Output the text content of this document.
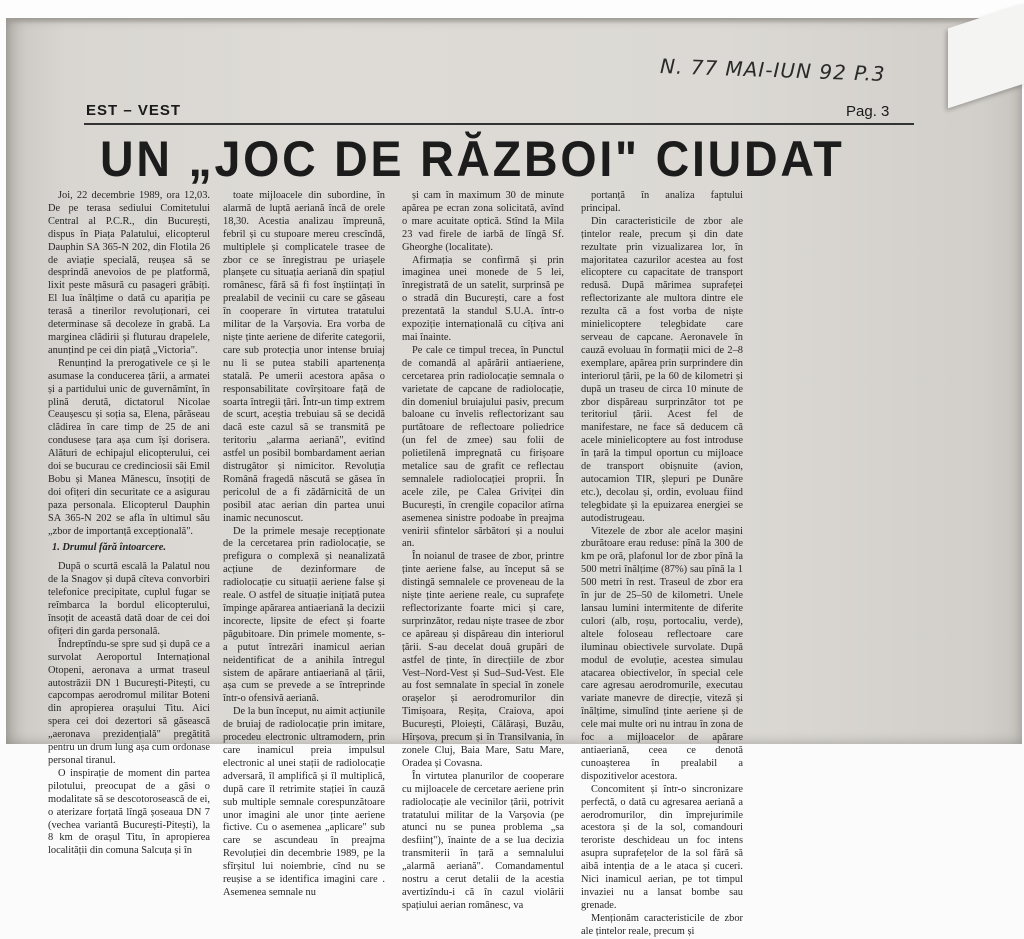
N. 77 MAI-IUN 92 P.3
EST – VEST	Pag. 3
UN „JOC DE RĂZBOI" CIUDAT

Joi, 22 decembrie 1989, ora 12,03. De pe terasa sediului Comitetului Central al P.C.R., din București, dispus în Piața Palatului, elicopterul Dauphin SA 365-N 202, din Flotila 26 de aviație specială, reușea să se desprindă anevoios de pe platformă, lixit peste măsură cu pasageri grăbiți. El lua înălțime o dată cu apariția pe terasă a tinerilor revoluționari, cei determinase să decoleze în grabă. La marginea clădirii și fluturau drapelele, anunțind pe cei din piață „Victoria".

Renunțind la prerogativele ce și le asumase la conducerea țării, a armatei și a partidului unic de guvernămînt, în plină derută, dictatorul Nicolae Ceaușescu și soția sa, Elena, părăseau clădirea în care timp de 25 de ani condusese țara așa cum își dorisera. Alături de echipajul elicopterului, cei doi se bucurau ce credinciosii săi Emil Bobu și Manea Mănescu, însoțiți de doi ofițeri din securitate ce a asigurau paza personala. Elicopterul Dauphin SA 365-N 202 se afla în ultimul său „zbor de importanță excepțională".

1. Drumul fără întoarcere.

După o scurtă escală la Palatul nou de la Snagov și după cîteva convorbiri telefonice precipitate, cuplul fugar se reîmbarca la bordul elicopterului, însoțit de această dată doar de cei doi ofițeri din garda personală.

Îndreptîndu-se spre sud și după ce a survolat Aeroportul Internațional Otopeni, aeronava a urmat traseul autostrăzii DN 1 București-Pitești, cu capcompas aerodromul militar Boteni din apropierea orașului Titu. Aici spera cei doi dezertori să găsească „aeronava prezidențială" pregătită pentru un drum lung așa cum ordonase personal tiranul.

O inspirație de moment din partea pilotului, preocupat de a găsi o modalitate să se descotorosească de ei, o aterizare forțată lîngă șoseaua DN 7 (vechea variantă București-Pitești), la 8 km de orașul Titu, în apropierea localității din comuna Salcuța și în

toate mijloacele din subordine, în alarmă de luptă aeriană încă de orele 18,30. Acestia analizau împreună, febril și cu stupoare mereu crescîndă, multiplele și complicatele trasee de zbor ce se înregistrau pe uriașele planșete cu situația aeriană din spațiul românesc, fără să fi fost înștiințați în prealabil de vecinii cu care se găseau în cooperare în virtutea tratatului militar de la Varșovia. Era vorba de niște ținte aeriene de diferite categorii, care sub protecția unor intense bruiaj nu li se putea stabili apartenența statală. Pe umerii acestora apăsa o responsabilitate covîrșitoare față de soarta întregii țări. Într-un timp extrem de scurt, aceștia trebuiau să se decidă dacă este cazul să se transmită pe teritoriu „alarma aeriană", evitînd astfel un posibil bombardament aerian distrugător și nimicitor. Revoluția Română fragedă născută se găsea în pericolul de a fi zădărnicită de un posibil atac aerian din partea unui inamic necunoscut.

De la primele mesaje recepționate de la cercetarea prin radiolocație, se prefigura o complexă și neanalizată acțiune de dezinformare de radiolocație cu situații aeriene false și reale. O astfel de situație inițiată putea împinge apărarea antiaeriană la decizii incorecte, lipsite de efect și foarte păgubitoare. Din primele momente, s-a putut întrezări inamicul aerian neidentificat de a anihila întregul sistem de apărare antiaeriană al țării, așa cum se prevede a se întreprinde într-o ofensivă aeriană.

De la bun început, nu aimit acțiunile de bruiaj de radiolocație prin imitare, procedeu electronic ultramodern, prin care inamicul preia impulsul electronic al unei stații de radiolocație adversară, îl amplifică și îl multiplică, după care îl retrimite stației în cauză sub multiple semnale corespunzătoare unor imagini ale unor ținte aeriene fictive. Cu o asemenea „aplicare" sub care se ascundeau în preajma Revoluției din decembrie 1989, pe la sfîrșitul lui noiembrie, cînd nu se reușise a se identifica imagini care . Asemenea semnale nu

și cam în maximum 30 de minute apărea pe ecran zona solicitată, avînd o mare acuitate optică. Stînd la Mila 23 vad firele de iarbă de lîngă Sf. Gheorghe (localitate).

Afirmația se confirmă și prin imaginea unei monede de 5 lei, înregistrată de un satelit, surprinsă pe o stradă din București, care a fost prezentată la standul S.U.A. într-o expoziție internațională cu cîțiva ani mai înainte.

Pe cale ce timpul trecea, în Punctul de comandă al apărării antiaeriene, cercetarea prin radiolocație semnala o varietate de capcane de radiolocație, din domeniul bruiajului pasiv, precum baloane cu învelis reflectorizant sau purtătoare de reflectoare poliedrice (un fel de zmee) sau folii de polietilenă impregnată cu firișoare metalice sau de grafit ce reflectau semnalele radiolocației proprii. În acele zile, pe Calea Griviței din București, în crengile copacilor atîrna asemenea sinistre podoabe în preajma venirii sfintelor sărbători și a noului an.

În noianul de trasee de zbor, printre ținte aeriene false, au început să se distingă semnalele ce proveneau de la niște ținte aeriene reale, cu suprafețe reflectorizante foarte mici și care, surprinzător, redau niște trasee de zbor ce apăreau și dispăreau din interiorul țării. S-au decelat două grupări de astfel de ținte, în direcțiile de zbor Vest–Nord-Vest și Sud–Sud-Vest. Ele au fost semnalate în special în zonele orașelor și aerodromurilor din Timișoara, Reșița, Craiova, apoi București, Ploiești, Călărași, Buzău, Hîrșova, precum și în Transilvania, în zonele Cluj, Baia Mare, Satu Mare, Oradea și Covasna.

În virtutea planurilor de cooperare cu mijloacele de cercetare aeriene prin radiolocație ale vecinilor țării, potrivit tratatului militar de la Varșovia (pe atunci nu se punea problema „sa desființ"), înainte de a se lua decizia transmiterii în țară a semnalului „alarmă aeriană". Comandamentul nostru a cerut detalii de la acestia avertizîndu-i că în cazul violării spațiului aerian românesc, va

portanță în analiza faptului principal.

Din caracteristicile de zbor ale țintelor reale, precum și din date rezultate prin vizualizarea lor, în majoritatea cazurilor acestea au fost elicoptere cu capacitate de transport redusă. După mărimea suprafeței reflectorizante ale multora dintre ele rezulta că a fost vorba de niște minielicoptere telegbidate care serveau de capcane. Aeronavele în cauză evoluau în formații mici de 2–8 exemplare, apărea prin surprindere din interiorul țării, pe la 60 de kilometri și după un traseu de circa 10 minute de zbor dispăreau surprinzător tot pe teritoriul țării. Acest fel de manifestare, ne face să deducem că acele minielicoptere au fost introduse în țară la timpul oportun cu mijloace de transport obișnuite (avion, autocamion TIR, șlepuri pe Dunăre etc.), decolau și, ordin, evoluau fiind telegbidate și la epuizarea energiei se autodistrugeau.

Vitezele de zbor ale acelor mașini zburătoare erau reduse: pînă la 300 de km pe oră, plafonul lor de zbor pînă la 500 metri înălțime (87%) sau pînă la 1 500 metri în rest. Traseul de zbor era în jur de 25–50 de kilometri. Unele lansau lumini intermitente de diferite culori (alb, roșu, portocaliu, verde), altele foloseau reflectoare care iluminau obiectivele survolate. După modul de evoluție, acestea simulau atacarea obiectivelor, în special cele care agresau aerodromurile, executau variate manevre de direcție, viteză și înălțime, simulînd ținte aeriene și de cele mai multe ori nu intrau în zona de foc a mijloacelor de apărare antiaeriană, ceea ce denotă cunoașterea în prealabil a dispozitivelor acestora.

Concomitent și într-o sincronizare perfectă, o dată cu agresarea aeriană a aerodromurilor, din împrejurimile acestora și de la sol, comandouri teroriste deschideau un foc intens asupra suprafețelor de la sol fără să aibă intenția de a le ataca și cuceri. Nici inamicul aerian, pe tot timpul invaziei nu a lansat bombe sau grenade.

Menționăm caracteristicile de zbor ale țintelor reale, precum și
